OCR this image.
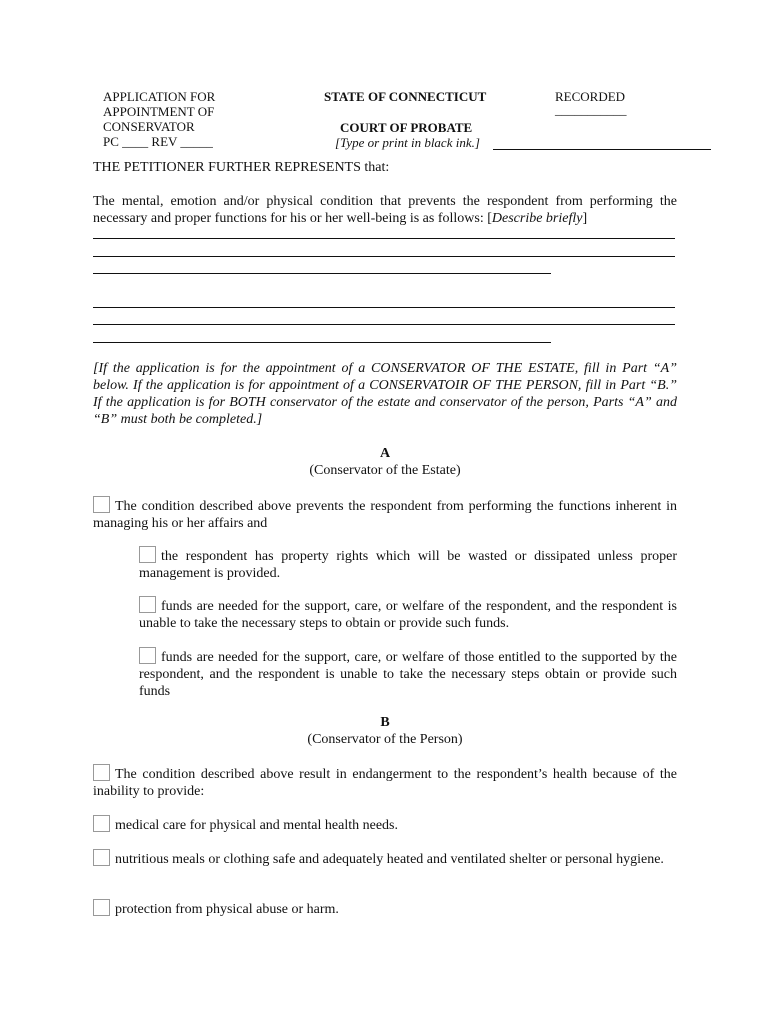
APPLICATION FOR
APPOINTMENT OF
CONSERVATOR
PC ____ REV _____
STATE OF CONNECTICUT
COURT OF PROBATE
[Type or print in black ink.]
RECORDED
___________
THE PETITIONER FURTHER REPRESENTS that:
The mental, emotion and/or physical condition that prevents the respondent from performing the necessary and proper functions for his or her well-being is as follows: [Describe briefly]
[If the application is for the appointment of a CONSERVATOR OF THE ESTATE, fill in Part “A” below. If the application is for appointment of a CONSERVATOIR OF THE PERSON, fill in Part “B.” If the application is for BOTH conservator of the estate and conservator of the person, Parts “A” and “B” must both be completed.]
A
(Conservator of the Estate)
The condition described above prevents the respondent from performing the functions inherent in managing his or her affairs and
the respondent has property rights which will be wasted or dissipated unless proper management is provided.
funds are needed for the support, care, or welfare of the respondent, and the respondent is unable to take the necessary steps to obtain or provide such funds.
funds are needed for the support, care, or welfare of those entitled to the supported by the respondent, and the respondent is unable to take the necessary steps obtain or provide such funds
B
(Conservator of the Person)
The condition described above result in endangerment to the respondent’s health because of the inability to provide:
medical care for physical and mental health needs.
nutritious meals or clothing safe and adequately heated and ventilated shelter or personal hygiene.
protection from physical abuse or harm.
